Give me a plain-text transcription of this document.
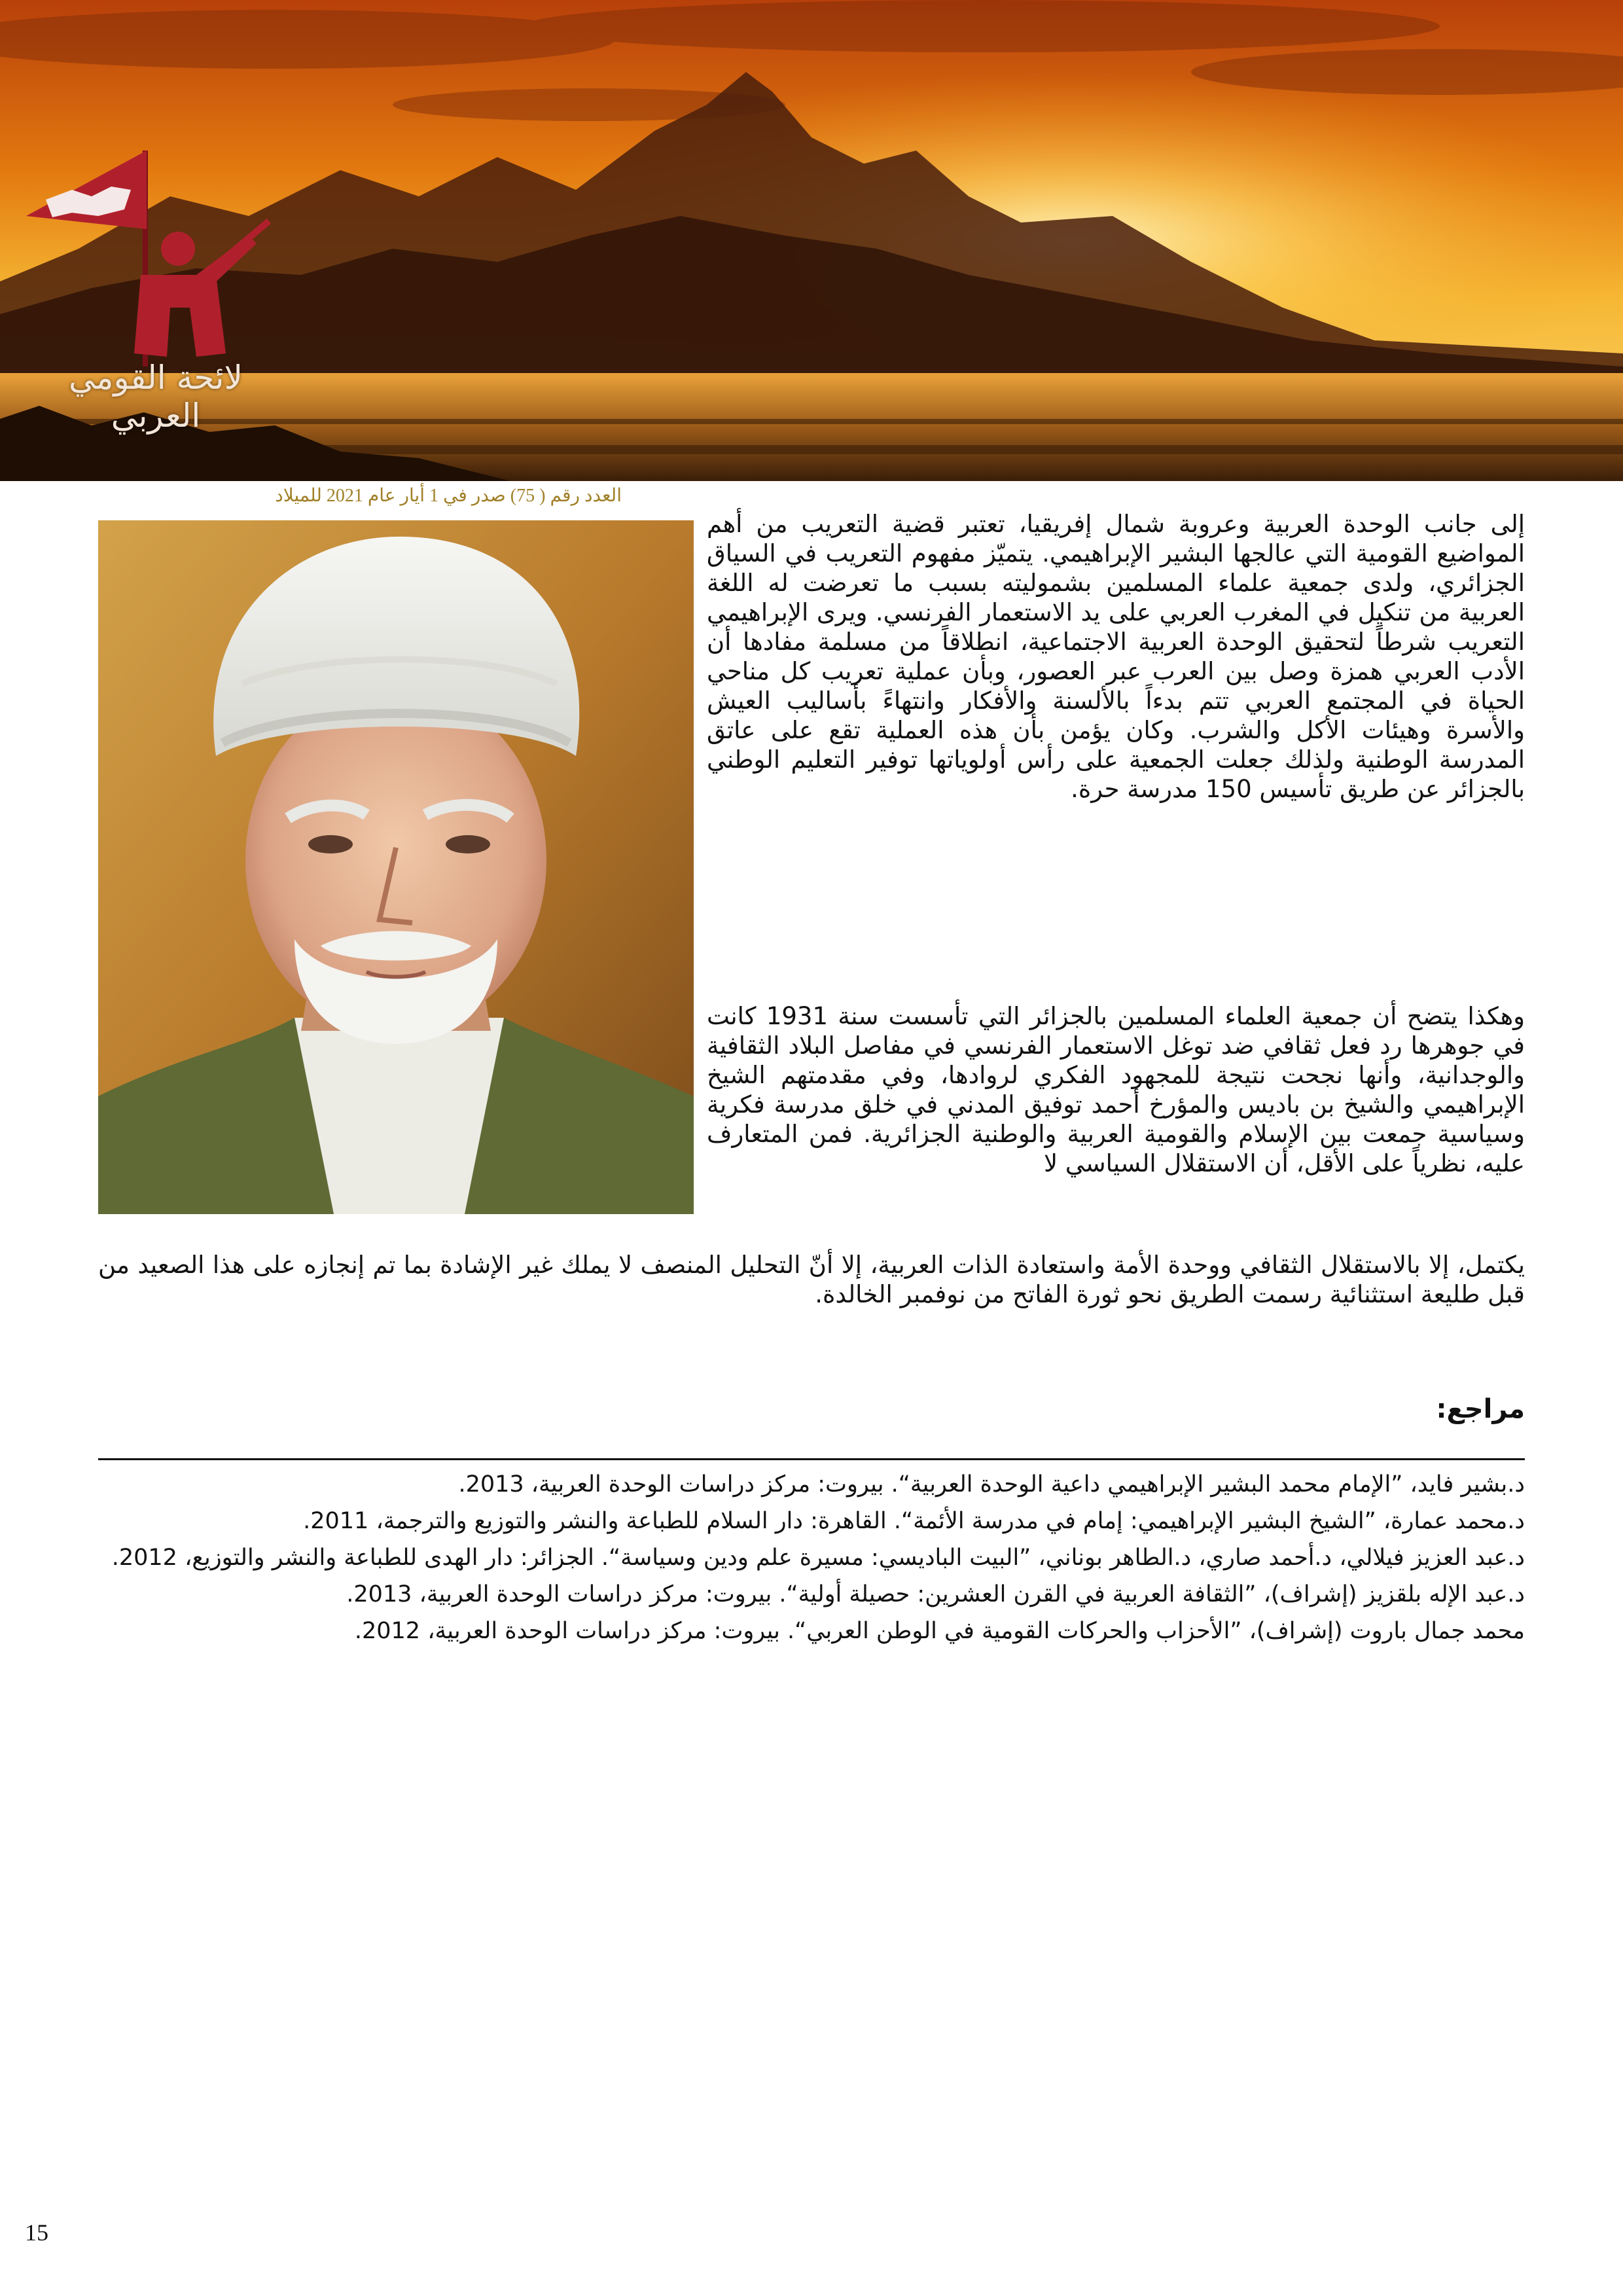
لائحة القومي العربي
العدد رقم ( 75) صدر في 1 أيار عام 2021 للميلاد
إلى جانب الوحدة العربية وعروبة شمال إفريقيا، تعتبر قضية التعريب من أهم المواضيع القومية التي عالجها البشير الإبراهيمي. يتميّز مفهوم التعريب في السياق الجزائري، ولدى جمعية علماء المسلمين بشموليته بسبب ما تعرضت له اللغة العربية من تنكيل في المغرب العربي على يد الاستعمار الفرنسي. ويرى الإبراهيمي التعريب شرطاً لتحقيق الوحدة العربية الاجتماعية، انطلاقاً من مسلمة مفادها أن الأدب العربي همزة وصل بين العرب عبر العصور، وبأن عملية تعريب كل مناحي الحياة في المجتمع العربي تتم بدءاً بالألسنة والأفكار وانتهاءً بأساليب العيش والأسرة وهيئات الأكل والشرب. وكان يؤمن بأن هذه العملية تقع على عاتق المدرسة الوطنية ولذلك جعلت الجمعية على رأس أولوياتها توفير التعليم الوطني بالجزائر عن طريق تأسيس 150 مدرسة حرة.
وهكذا يتضح أن جمعية العلماء المسلمين بالجزائر التي تأسست سنة 1931 كانت في جوهرها رد فعل ثقافي ضد توغل الاستعمار الفرنسي في مفاصل البلاد الثقافية والوجدانية، وأنها نجحت نتيجة للمجهود الفكري لروادها، وفي مقدمتهم الشيخ الإبراهيمي والشيخ بن باديس والمؤرخ أحمد توفيق المدني في خلق مدرسة فكرية وسياسية جمعت بين الإسلام والقومية العربية والوطنية الجزائرية. فمن المتعارف عليه، نظرياً على الأقل، أن الاستقلال السياسي لا
يكتمل، إلا بالاستقلال الثقافي ووحدة الأمة واستعادة الذات العربية، إلا أنّ التحليل المنصف لا يملك غير الإشادة بما تم إنجازه على هذا الصعيد من قبل طليعة استثنائية رسمت الطريق نحو ثورة الفاتح من نوفمبر الخالدة.
مراجع:
د.بشير فايد، ”الإمام محمد البشير الإبراهيمي داعية الوحدة العربية“. بيروت: مركز دراسات الوحدة العربية، 2013.
د.محمد عمارة، ”الشيخ البشير الإبراهيمي: إمام في مدرسة الأئمة“. القاهرة: دار السلام للطباعة والنشر والتوزيع والترجمة، 2011.
د.عبد العزيز فيلالي، د.أحمد صاري، د.الطاهر بوناني، ”البيت الباديسي: مسيرة علم ودين وسياسة“. الجزائر: دار الهدى للطباعة والنشر والتوزيع، 2012.
د.عبد الإله بلقزيز (إشراف)، ”الثقافة العربية في القرن العشرين: حصيلة أولية“. بيروت: مركز دراسات الوحدة العربية، 2013.
محمد جمال باروت (إشراف)، ”الأحزاب والحركات القومية في الوطن العربي“. بيروت: مركز دراسات الوحدة العربية، 2012.
15
